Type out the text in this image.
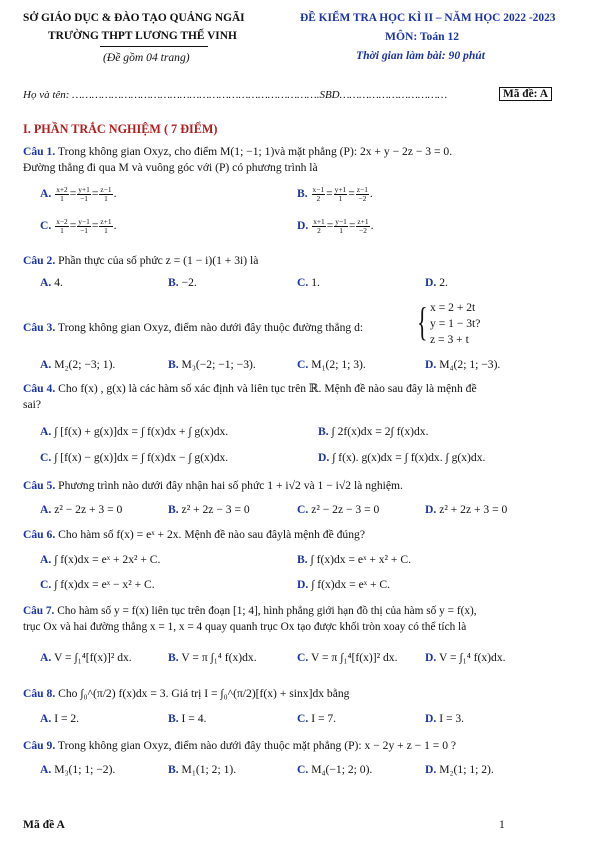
SỞ GIÁO DỤC & ĐÀO TẠO QUẢNG NGÃI
TRƯỜNG THPT LƯƠNG THẾ VINH
(Đề gồm 04 trang)
ĐỀ KIỂM TRA HỌC KÌ II – NĂM HỌC 2022 -2023
MÔN: Toán 12
Thời gian làm bài: 90 phút
Họ và tên: ………………………………………………………………….SBD……………………………	Mã đề: A
I. PHẦN TRẮC NGHIỆM ( 7 ĐIỂM)
Câu 1. Trong không gian Oxyz, cho điểm M(1; −1; 1)và mặt phẳng (P): 2x + y − 2z − 3 = 0.
Đường thẳng đi qua M và vuông góc với (P) có phương trình là
A. $\frac{x+2}{1} = \frac{y+1}{-1} = \frac{z-1}{1}$ .	B. $\frac{x-1}{2} = \frac{y+1}{1} = \frac{z-1}{-2}$ .
C. $\frac{x-2}{1} = \frac{y-1}{-1} = \frac{z+1}{1}$ .	D. $\frac{x+1}{2} = \frac{y-1}{1} = \frac{z+1}{-2}$ .
Câu 2. Phần thực của số phức z = (1 − i)(1 + 3i) là
A. 4.	B. −2.	C. 1.	D. 2.
Câu 3. Trong không gian Oxyz, điểm nào dưới đây thuộc đường thẳng d: { x = 2 + 2t
y = 1 − 3t?
z = 3 + t
A. M₂(2; −3; 1).	B. M₃(−2; −1; −3).	C. M₁(2; 1; 3).	D. M₄(2; 1; −3).
Câu 4. Cho f(x) , g(x) là các hàm số xác định và liên tục trên ℝ. Mệnh đề nào sau đây là mệnh đề
sai?
A. ∫ [f(x) + g(x)]dx = ∫ f(x)dx + ∫ g(x)dx.	B. ∫ 2f(x)dx = 2∫ f(x)dx.
C. ∫ [f(x) − g(x)]dx = ∫ f(x)dx − ∫ g(x)dx.	D. ∫ f(x). g(x)dx = ∫ f(x)dx. ∫ g(x)dx.
Câu 5. Phương trình nào dưới đây nhận hai số phức 1 + i√2 và 1 − i√2 là nghiệm.
A. z² − 2z + 3 = 0	B. z² + 2z − 3 = 0	C. z² − 2z − 3 = 0	D. z² + 2z + 3 = 0
Câu 6. Cho hàm số f(x) = eˣ + 2x. Mệnh đề nào sau đâylà mệnh đề đúng?
A. ∫ f(x)dx = eˣ + 2x² + C.	B. ∫ f(x)dx = eˣ + x² + C.
C. ∫ f(x)dx = eˣ − x² + C.	D. ∫ f(x)dx = eˣ + C.
Câu 7. Cho hàm số y = f(x) liên tục trên đoạn [1; 4], hình phẳng giới hạn đồ thị của hàm số y = f(x),
trục Ox và hai đường thẳng x = 1, x = 4 quay quanh trục Ox tạo được khối tròn xoay có thể tích là
A. V = ∫₁⁴[f(x)]² dx.	B. V = π ∫₁⁴ f(x)dx.	C. V = π ∫₁⁴[f(x)]² dx. D. V = ∫₁⁴ f(x)dx.
Câu 8. Cho ∫₀^(π/2) f(x)dx = 3. Giá trị I = ∫₀^(π/2)[f(x) + sinx]dx bằng
A. I = 2.	B. I = 4.	C. I = 7.	D. I = 3.
Câu 9. Trong không gian Oxyz, điểm nào dưới đây thuộc mặt phẳng (P): x − 2y + z − 1 = 0 ?
A. M₃(1; 1; −2).	B. M₁(1; 2; 1).	C. M₄(−1; 2; 0).	D. M₂(1; 1; 2).
Mã đề A	1
